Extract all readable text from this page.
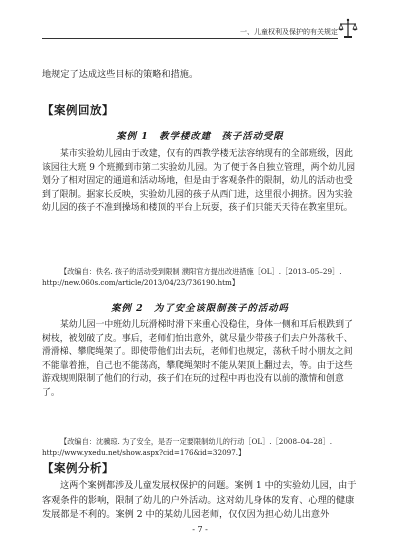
一、儿童权利及保护的有关规定

地规定了达成这些目标的策略和措施。

【案例回放】
案例 1　教学楼改建　孩子活动受限

某市实验幼儿园由于改建，仅有的西教学楼无法容纳现有的全部班级，因此该园往大班 9 个班搬到市第二实验幼儿园。为了便于各自独立管理，两个幼儿园划分了相对固定的通道和活动场地，但是由于客观条件的限制，幼儿的活动也受到了限制。据家长反映，实验幼儿园的孩子从西门进，这里很小拥挤。因为实验幼儿园的孩子不准到操场和楼顶的平台上玩耍，孩子们只能天天待在教室里玩。

【改编自：佚名. 孩子的活动受到限制 濮阳官方提出改进措施［OL］.［2013–05–29］. http://new.060s.com/article/2013/04/23/736190.htm】

案例 2　为了安全该限制孩子的活动吗

某幼儿园一中班幼儿玩滑梯时滑下来重心没稳住，身体一侧和耳后根跌到了树枝，被划破了皮。事后，老师们怕出意外，就尽量少带孩子们去户外荡秋千、滑滑梯、攀爬绳架了。即使带他们出去玩，老师们也规定，荡秋千时小朋友之间不能靠着推，自己也不能荡高，攀爬绳架时不能从架顶上翻过去，等。由于这些游戏规则限制了他们的行动，孩子们在玩的过程中再也没有以前的激情和创意了。

【改编自：沈骥琼. 为了安全，是否一定要限制幼儿的行动［OL］.［2008–04–28］. http://www.yxedu.net/show.aspx?cid=176&id=32097.】

【案例分析】

这两个案例都涉及儿童发展权保护的问题。案例 1 中的实验幼儿园，由于客观条件的影响，限制了幼儿的户外活动。这对幼儿身体的发育、心理的健康发展都是不利的。案例 2 中的某幼儿园老师，仅仅因为担心幼儿出意外

- 7 -
